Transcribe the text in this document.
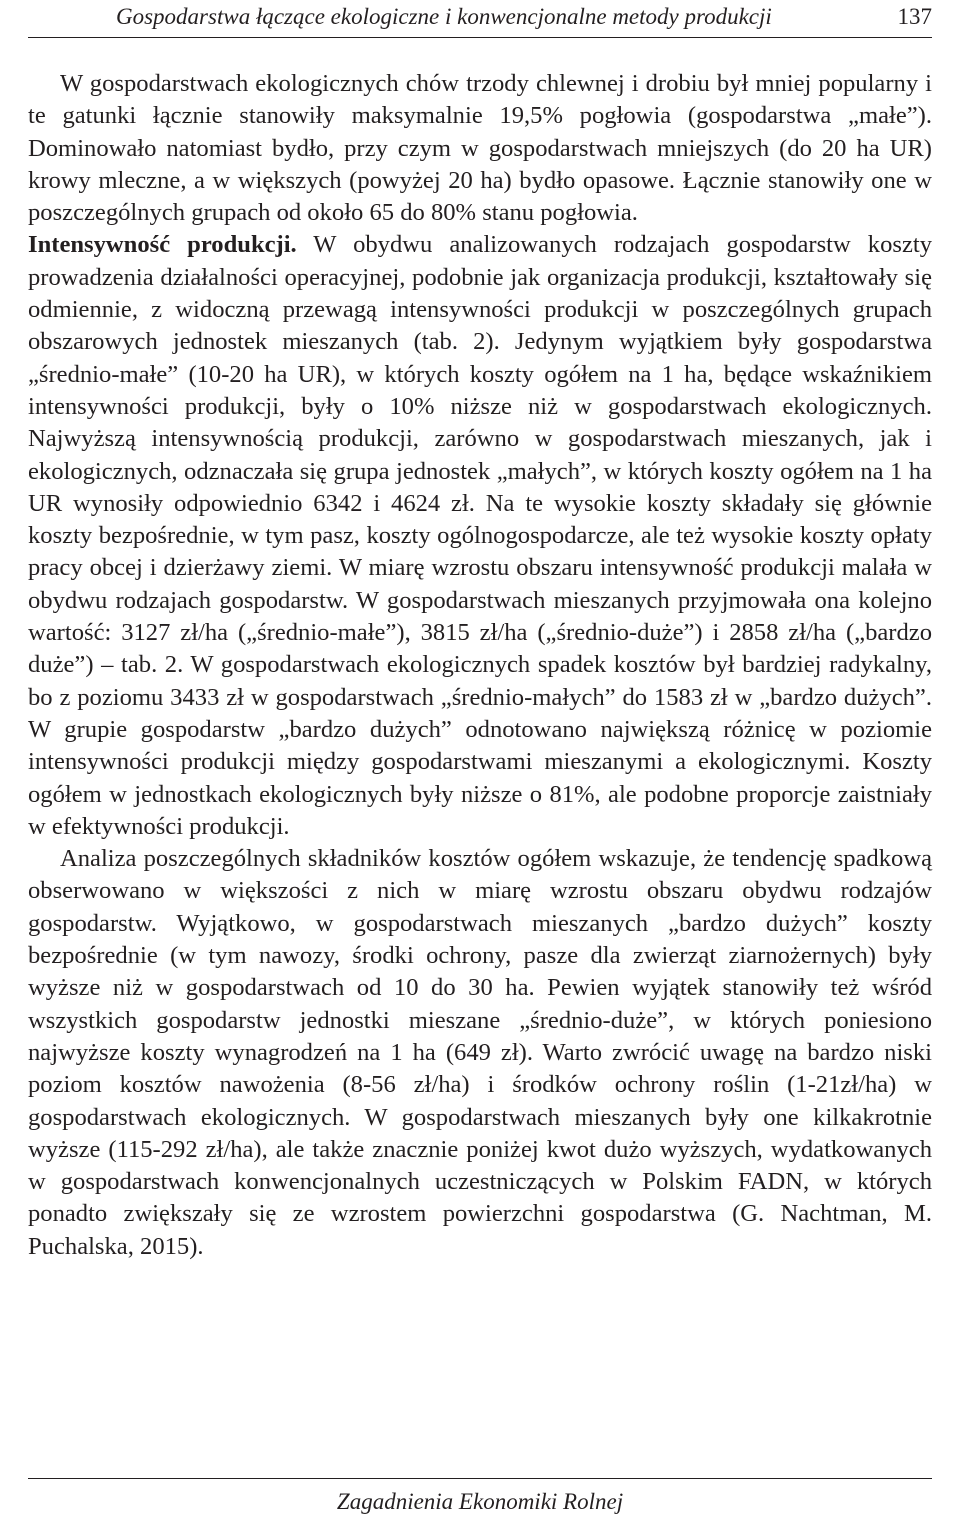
Gospodarstwa łączące ekologiczne i konwencjonalne metody produkcji	137

W gospodarstwach ekologicznych chów trzody chlewnej i drobiu był mniej popularny i te gatunki łącznie stanowiły maksymalnie 19,5% pogłowia (gospodarstwa „małe”). Dominowało natomiast bydło, przy czym w gospodarstwach mniejszych (do 20 ha UR) krowy mleczne, a w większych (powyżej 20 ha) bydło opasowe. Łącznie stanowiły one w poszczególnych grupach od około 65 do 80% stanu pogłowia.

Intensywność produkcji. W obydwu analizowanych rodzajach gospodarstw koszty prowadzenia działalności operacyjnej, podobnie jak organizacja produkcji, kształtowały się odmiennie, z widoczną przewagą intensywności produkcji w poszczególnych grupach obszarowych jednostek mieszanych (tab. 2). Jedynym wyjątkiem były gospodarstwa „średnio-małe” (10-20 ha UR), w których koszty ogółem na 1 ha, będące wskaźnikiem intensywności produkcji, były o 10% niższe niż w gospodarstwach ekologicznych. Najwyższą intensywnością produkcji, zarówno w gospodarstwach mieszanych, jak i ekologicznych, odznaczała się grupa jednostek „małych”, w których koszty ogółem na 1 ha UR wynosiły odpowiednio 6342 i 4624 zł. Na te wysokie koszty składały się głównie koszty bezpośrednie, w tym pasz, koszty ogólnogospodarcze, ale też wysokie koszty opłaty pracy obcej i dzierżawy ziemi. W miarę wzrostu obszaru intensywność produkcji malała w obydwu rodzajach gospodarstw. W gospodarstwach mieszanych przyjmowała ona kolejno wartość: 3127 zł/ha („średnio-małe”), 3815 zł/ha („średnio-duże”) i 2858 zł/ha („bardzo duże”) – tab. 2. W gospodarstwach ekologicznych spadek kosztów był bardziej radykalny, bo z poziomu 3433 zł w gospodarstwach „średnio-małych” do 1583 zł w „bardzo dużych”. W grupie gospodarstw „bardzo dużych” odnotowano największą różnicę w poziomie intensywności produkcji między gospodarstwami mieszanymi a ekologicznymi. Koszty ogółem w jednostkach ekologicznych były niższe o 81%, ale podobne proporcje zaistniały w efektywności produkcji.

Analiza poszczególnych składników kosztów ogółem wskazuje, że tendencję spadkową obserwowano w większości z nich w miarę wzrostu obszaru obydwu rodzajów gospodarstw. Wyjątkowo, w gospodarstwach mieszanych „bardzo dużych” koszty bezpośrednie (w tym nawozy, środki ochrony, pasze dla zwierząt ziarnożernych) były wyższe niż w gospodarstwach od 10 do 30 ha. Pewien wyjątek stanowiły też wśród wszystkich gospodarstw jednostki mieszane „średnio-duże”, w których poniesiono najwyższe koszty wynagrodzeń na 1 ha (649 zł). Warto zwrócić uwagę na bardzo niski poziom kosztów nawożenia (8-56 zł/ha) i środków ochrony roślin (1-21zł/ha) w gospodarstwach ekologicznych. W gospodarstwach mieszanych były one kilkakrotnie wyższe (115-292 zł/ha), ale także znacznie poniżej kwot dużo wyższych, wydatkowanych w gospodarstwach konwencjonalnych uczestniczących w Polskim FADN, w których ponadto zwiększały się ze wzrostem powierzchni gospodarstwa (G. Nachtman, M. Puchalska, 2015).

Zagadnienia Ekonomiki Rolnej
